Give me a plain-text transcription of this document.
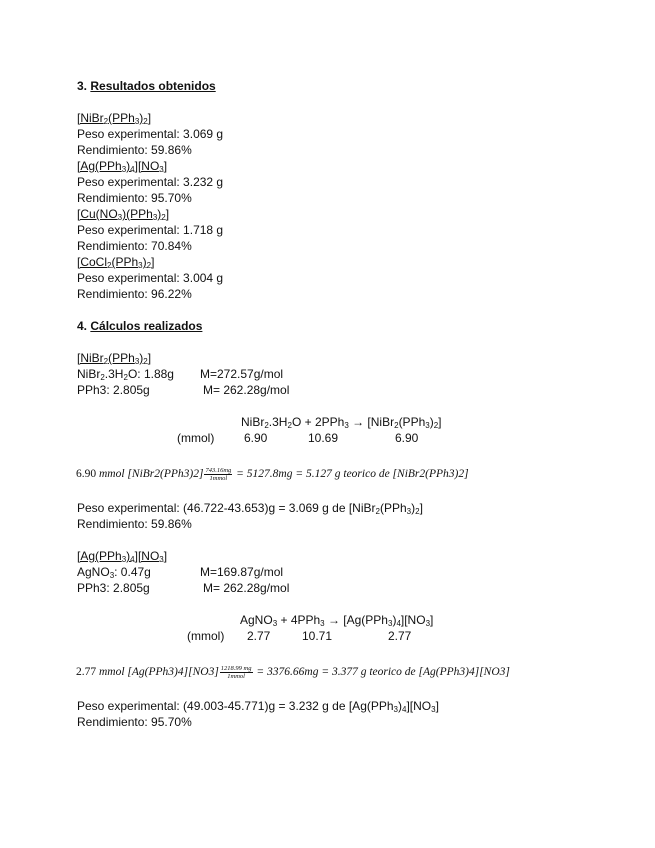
3. Resultados obtenidos

$[NiBr_2(PPh_3)_2]$
Peso experimental: 3.069 g
Rendimiento: 59.86%
$[Ag(PPh_3)_4][NO_3]$
Peso experimental: 3.232 g
Rendimiento: 95.70%
$[Cu(NO_3)(PPh_3)_2]$
Peso experimental: 1.718 g
Rendimiento: 70.84%
$[CoCl_2(PPh_3)_2]$
Peso experimental: 3.004 g
Rendimiento: 96.22%

4. Cálculos realizados

$[NiBr_2(PPh_3)_2]$
$NiBr_2.3H_2O$: 1.88g M=272.57g/mol
PPh3: 2.805g	M= 262.28g/mol
$NiBr_2.3H_2O + 2PPh_3$ → $[NiBr_2(PPh_3)_2]$
(mmol) 6.90	10.69	6.90
6.90 mmol [NiBr2(PPh3)2] $\frac{743.16mg}{\text{1mmol}} = 5127.8mg = 5.127$ g teorico de [NiBr2(PPh3)2]
Peso experimental: (46.722-43.653)g = 3.069 g de $[NiBr_2(PPh_3)_2]$
Rendimiento: 59.86%
$[Ag(PPh_3)_4][NO_3]$
AgNO$_3$: 0.47g	M=169.87g/mol
PPh3: 2.805g	M= 262.28g/mol
AgNO$_3$ + $4PPh_3 \to [Ag(PPh_3)_4][NO_3]$
(mmol) 2.77	10.71	2.77
2.77 mmol $[Ag(PPh3)4][NO3] \frac{1218.99 mg}{\text{1mmol}} = 3376.66mg = 3.377$ g teorico de [Ag(PPh3)4][NO3]
Peso experimental: (49.003-45.771)g = 3.232 g de $[Ag(PPh_3)_4][NO_3]$
Rendimiento: 95.70%
